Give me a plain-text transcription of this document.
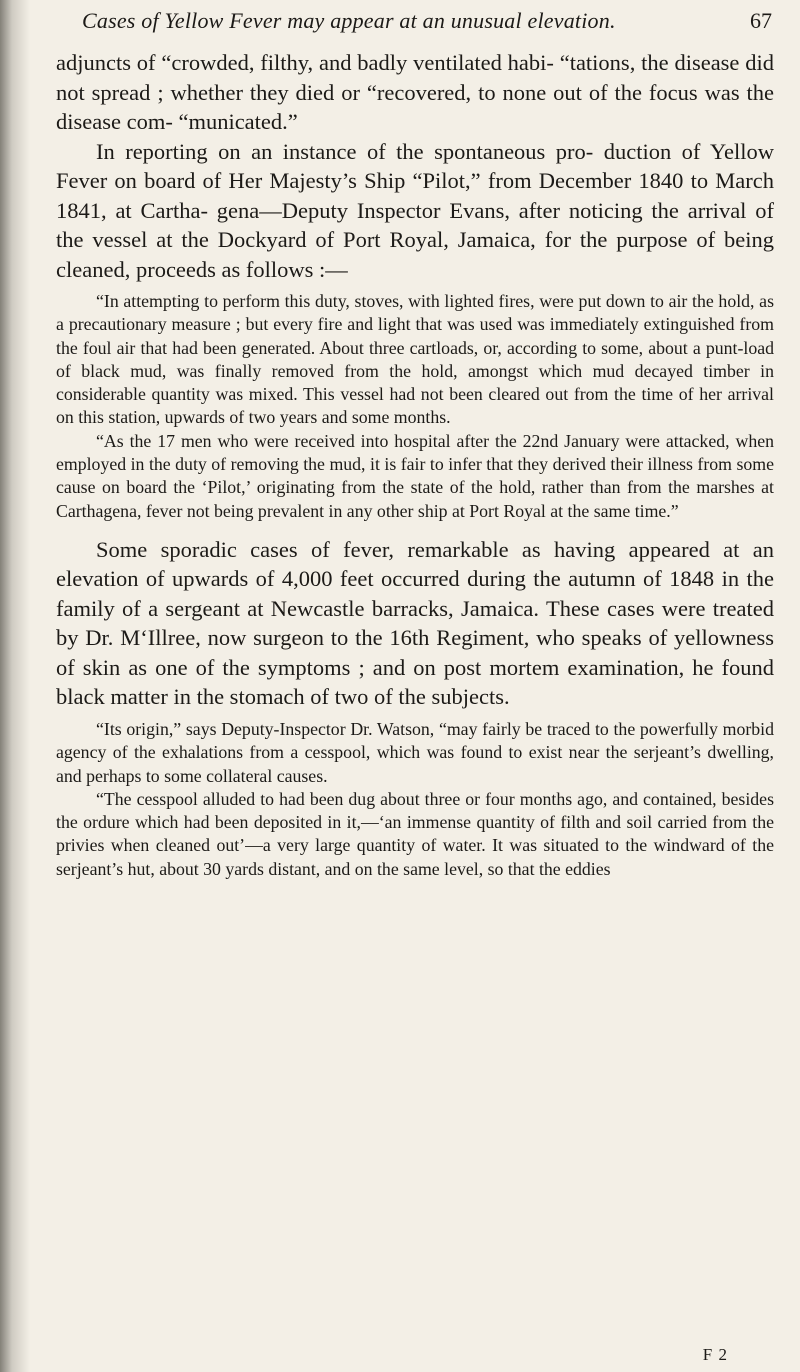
Cases of Yellow Fever may appear at an unusual elevation.	67

adjuncts of “crowded, filthy, and badly ventilated habi- “tations, the disease did not spread ; whether they died or “recovered, to none out of the focus was the disease com- “municated.”

In reporting on an instance of the spontaneous pro- duction of Yellow Fever on board of Her Majesty’s Ship “Pilot,” from December 1840 to March 1841, at Cartha- gena—Deputy Inspector Evans, after noticing the arrival of the vessel at the Dockyard of Port Royal, Jamaica, for the purpose of being cleaned, proceeds as follows :—

“In attempting to perform this duty, stoves, with lighted fires, were put down to air the hold, as a precautionary measure ; but every fire and light that was used was immediately extinguished from the foul air that had been generated. About three cartloads, or, according to some, about a punt-load of black mud, was finally removed from the hold, amongst which mud decayed timber in considerable quantity was mixed. This vessel had not been cleared out from the time of her arrival on this station, upwards of two years and some months.

“As the 17 men who were received into hospital after the 22nd January were attacked, when employed in the duty of removing the mud, it is fair to infer that they derived their illness from some cause on board the ‘Pilot,’ originating from the state of the hold, rather than from the marshes at Carthagena, fever not being prevalent in any other ship at Port Royal at the same time.”

Some sporadic cases of fever, remarkable as having appeared at an elevation of upwards of 4,000 feet occurred during the autumn of 1848 in the family of a sergeant at Newcastle barracks, Jamaica. These cases were treated by Dr. M‘Illree, now surgeon to the 16th Regiment, who speaks of yellowness of skin as one of the symptoms ; and on post mortem examination, he found black matter in the stomach of two of the subjects.

“Its origin,” says Deputy-Inspector Dr. Watson, “may fairly be traced to the powerfully morbid agency of the exhalations from a cesspool, which was found to exist near the serjeant’s dwelling, and perhaps to some collateral causes.

“The cesspool alluded to had been dug about three or four months ago, and contained, besides the ordure which had been deposited in it,—‘an immense quantity of filth and soil carried from the privies when cleaned out’—a very large quantity of water. It was situated to the windward of the serjeant’s hut, about 30 yards distant, and on the same level, so that the eddies

F 2
